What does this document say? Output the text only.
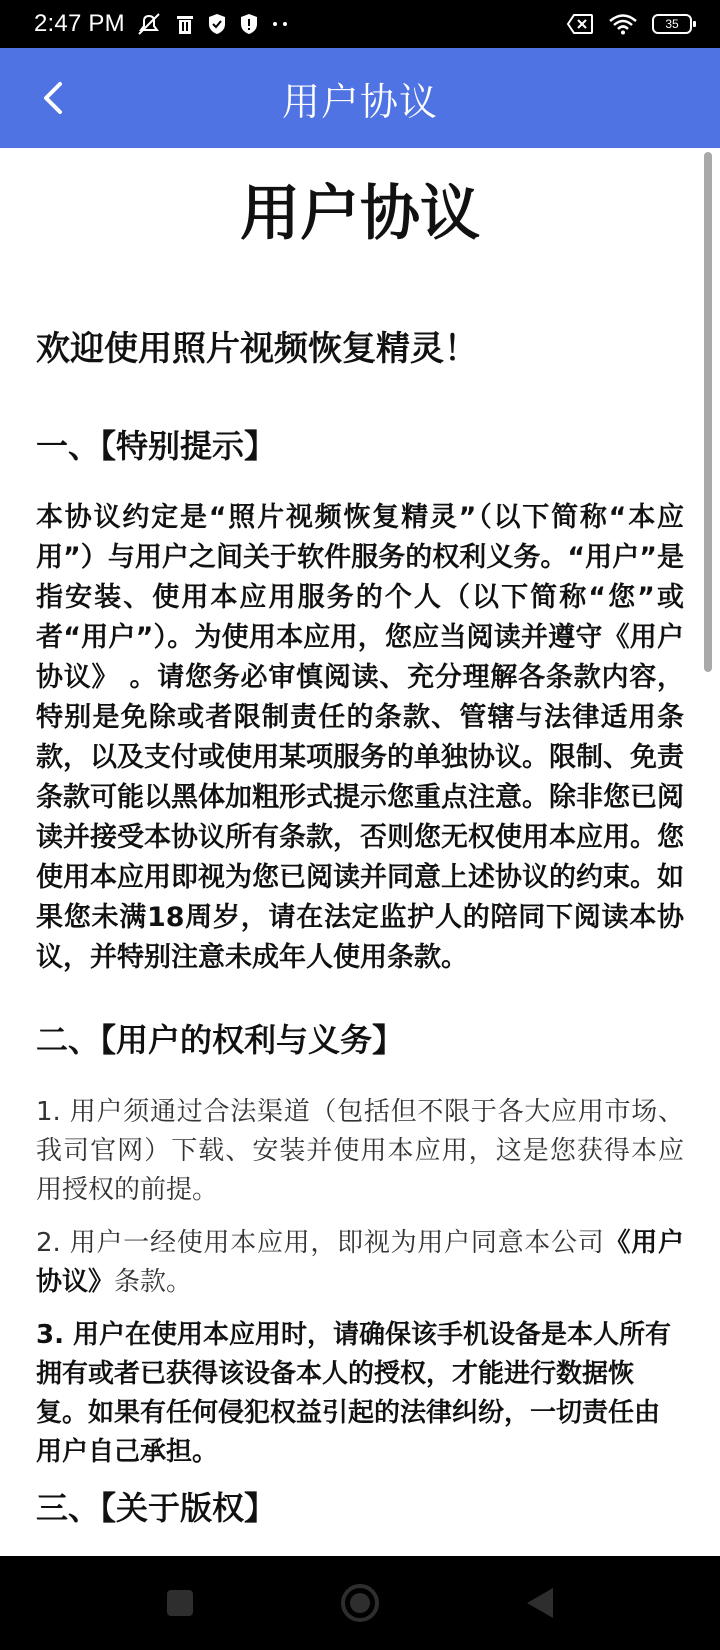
2:47 PM	35
用户协议
用户协议
欢迎使用照片视频恢复精灵！
一、【特别提示】

本协议约定是“照片视频恢复精灵”（以下简称“本应用”）与用户之间关于软件服务的权利义务。“用户”是指安装、使用本应用服务的个人（以下简称“您”或者“用户”）。为使用本应用，您应当阅读并遵守《用户协议》 。请您务必审慎阅读、充分理解各条款内容，特别是免除或者限制责任的条款、管辖与法律适用条款，以及支付或使用某项服务的单独协议。限制、免责条款可能以黑体加粗形式提示您重点注意。除非您已阅读并接受本协议所有条款，否则您无权使用本应用。您使用本应用即视为您已阅读并同意上述协议的约束。如果您未满18周岁，请在法定监护人的陪同下阅读本协议，并特别注意未成年人使用条款。

二、【用户的权利与义务】

1. 用户须通过合法渠道（包括但不限于各大应用市场、我司官网）下载、安装并使用本应用，这是您获得本应用授权的前提。

2. 用户一经使用本应用，即视为用户同意本公司《用户协议》条款。

3. 用户在使用本应用时，请确保该手机设备是本人所有拥有或者已获得该设备本人的授权，才能进行数据恢复。如果有任何侵犯权益引起的法律纠纷，一切责任由用户自己承担。

三、【关于版权】
